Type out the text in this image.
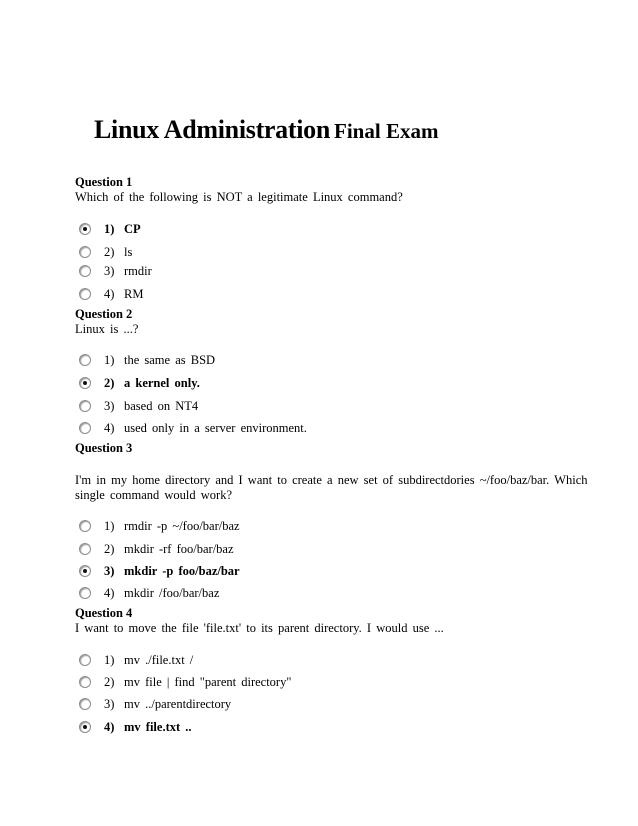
Linux Administration Final Exam
Question 1
Which of the following is NOT a legitimate Linux command?
1) CP
2) ls
3) rmdir
4) RM
Question 2
Linux is ...?
1) the same as BSD
2) a kernel only.
3) based on NT4
4) used only in a server environment.
Question 3
I'm in my home directory and I want to create a new set of subdirectdories ~/foo/baz/bar. Which
single command would work?
1) rmdir -p ~/foo/bar/baz
2) mkdir -rf foo/bar/baz
3) mkdir -p foo/baz/bar
4) mkdir /foo/bar/baz
Question 4
I want to move the file 'file.txt' to its parent directory. I would use ...
1) mv ./file.txt /
2) mv file | find "parent directory"
3) mv ../parentdirectory
4) mv file.txt ..
